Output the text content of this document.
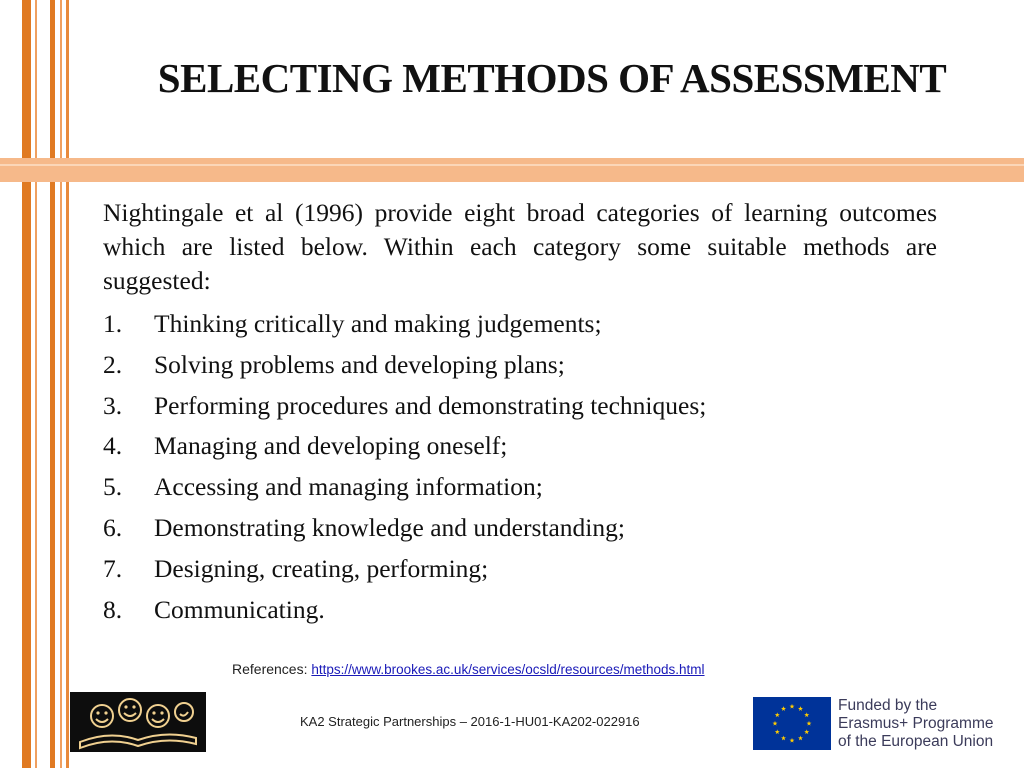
SELECTING METHODS OF ASSESSMENT

Nightingale et al (1996) provide eight broad categories of learning outcomes which are listed below. Within each category some suitable methods are suggested:

1.	Thinking critically and making judgements;
2.	Solving problems and developing plans;
3.	Performing procedures and demonstrating techniques;
4.	Managing and developing oneself;
5.	Accessing and managing information;
6.	Demonstrating knowledge and understanding;
7.	Designing, creating, performing;
8.	Communicating.
References: https://www.brookes.ac.uk/services/ocsld/resources/methods.html
KA2 Strategic Partnerships – 2016-1-HU01-KA202-022916
Funded by the
Erasmus+ Programme
of the European Union
